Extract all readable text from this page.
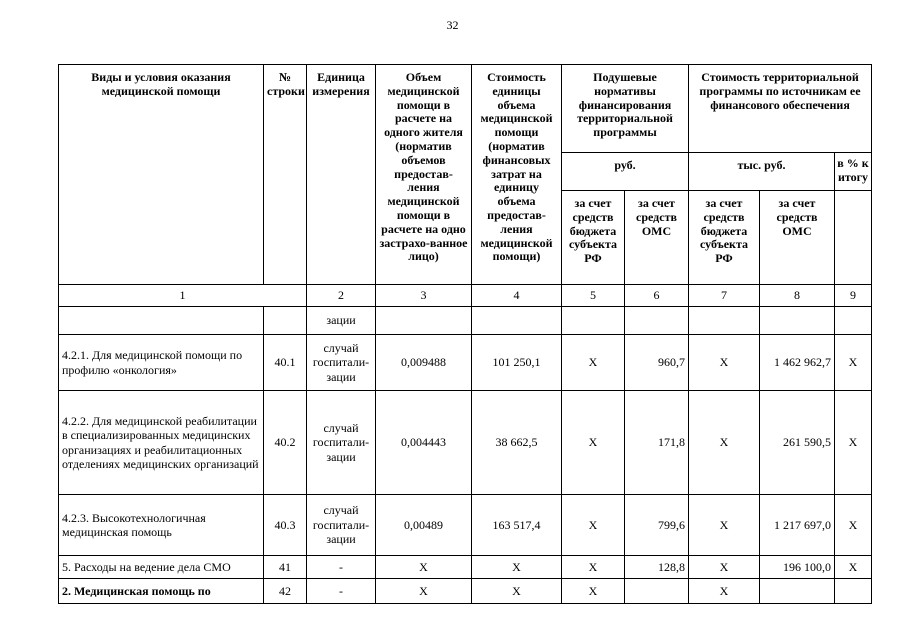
32
Виды и условия оказания медицинской помощи	№ строки	Единица измерения	Объем медицинской помощи в расчете на одного жителя (норматив объемов предостав-ления медицинской помощи в расчете на одно застрахо-ванное лицо)	Стоимость единицы объема медицинской помощи (норматив финансовых затрат на единицу объема предостав-ления медицинской помощи)	Подушевые нормативы финансирования территориальной программы		Стоимость территориальной программы по источникам ее финансового обеспечения		
					руб.		тыс. руб.		в % к итогу
					за счет средств бюджета субъекта РФ	за счет средств ОМС	за счет средств бюджета субъекта РФ	за счет средств ОМС	
1		2	3	4	5	6	7	8	9
		зации							
4.2.1. Для медицинской помощи по профилю «онкология»	40.1	случай госпитали-зации	0,009488	101 250,1	X	960,7	X	1 462 962,7	X
4.2.2. Для медицинской реабилитации в специализированных медицинских организациях и реабилитационных отделениях медицинских организаций	40.2	случай госпитали-зации	0,004443	38 662,5	X	171,8	X	261 590,5	X
4.2.3. Высокотехнологичная медицинская помощь	40.3	случай госпитали-зации	0,00489	163 517,4	X	799,6	X	1 217 697,0	X
5. Расходы на ведение дела СМО	41	-	X	X	X	128,8	X	196 100,0	X
2. Медицинская помощь по	42	-	X	X	X		X		
